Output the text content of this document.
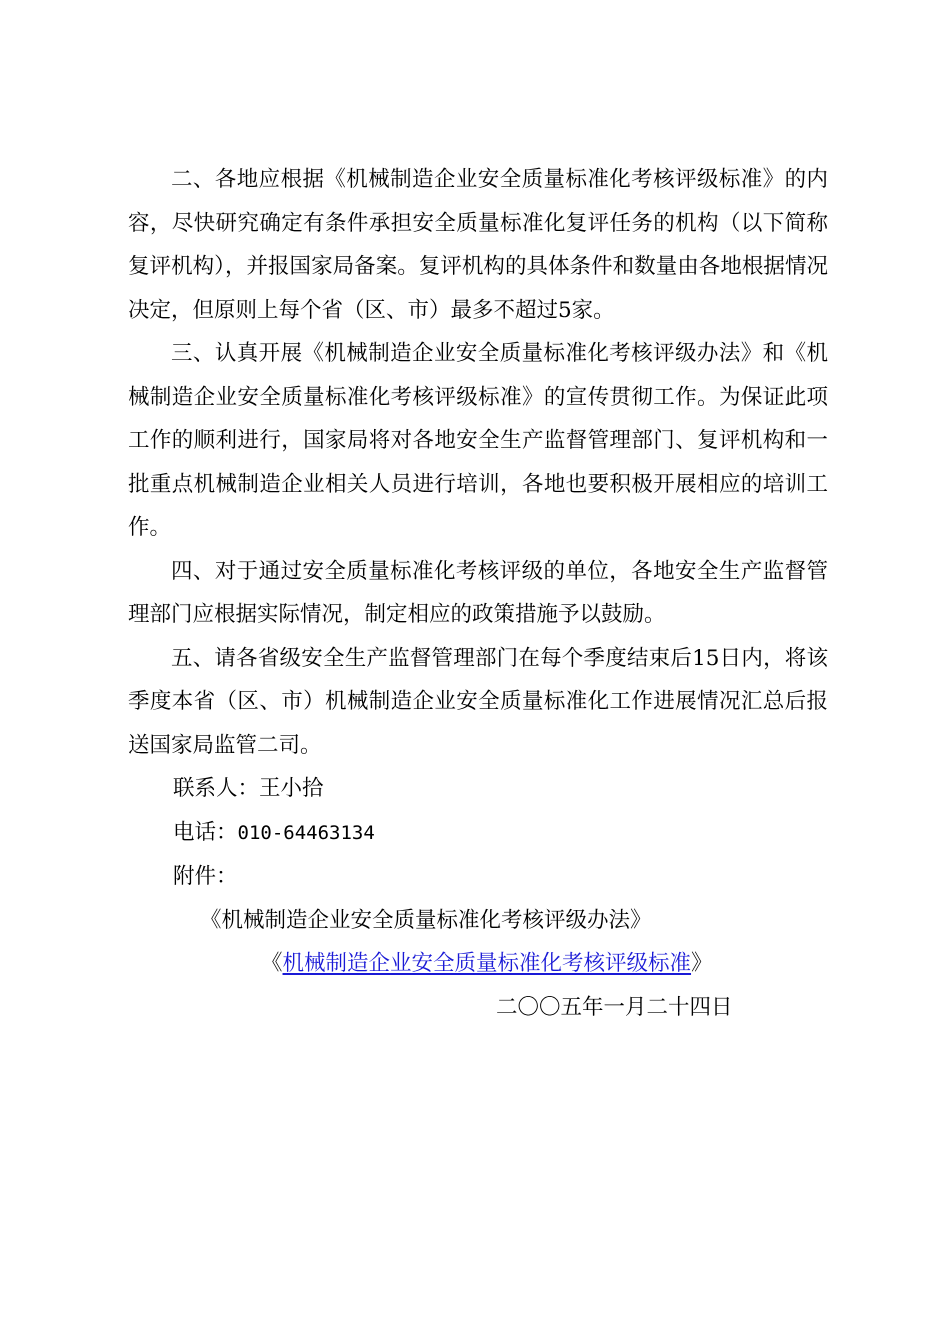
二、各地应根据《机械制造企业安全质量标准化考核评级标准》的内容，尽快研究确定有条件承担安全质量标准化复评任务的机构（以下简称复评机构），并报国家局备案。复评机构的具体条件和数量由各地根据情况决定，但原则上每个省（区、市）最多不超过5家。

三、认真开展《机械制造企业安全质量标准化考核评级办法》和《机械制造企业安全质量标准化考核评级标准》的宣传贯彻工作。为保证此项工作的顺利进行，国家局将对各地安全生产监督管理部门、复评机构和一批重点机械制造企业相关人员进行培训，各地也要积极开展相应的培训工作。

四、对于通过安全质量标准化考核评级的单位，各地安全生产监督管理部门应根据实际情况，制定相应的政策措施予以鼓励。

五、请各省级安全生产监督管理部门在每个季度结束后15日内，将该季度本省（区、市）机械制造企业安全质量标准化工作进展情况汇总后报送国家局监管二司。

联系人：王小拾

电话：010-64463134

附件：

《机械制造企业安全质量标准化考核评级办法》

《机械制造企业安全质量标准化考核评级标准》

二〇〇五年一月二十四日
